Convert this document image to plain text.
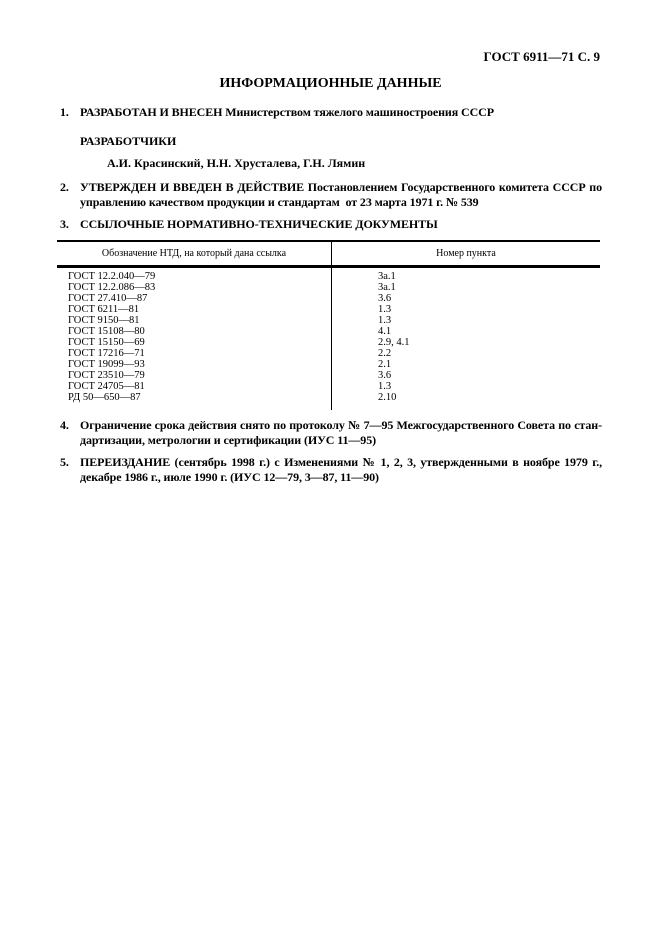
ГОСТ 6911—71 С. 9
ИНФОРМАЦИОННЫЕ ДАННЫЕ
1. РАЗРАБОТАН И ВНЕСЕН Министерством тяжелого машиностроения СССР
РАЗРАБОТЧИКИ
А.И. Красинский, Н.Н. Хрусталева, Г.Н. Лямин
2. УТВЕРЖДЕН И ВВЕДЕН В ДЕЙСТВИЕ Постановлением Государственного комитета СССР по
управлению качеством продукции и стандартам  от 23 марта 1971 г. № 539
3. ССЫЛОЧНЫЕ НОРМАТИВНО-ТЕХНИЧЕСКИЕ ДОКУМЕНТЫ
Обозначение НТД, на который дана ссылка	Номер пункта
ГОСТ 12.2.040—79
ГОСТ 12.2.086—83
ГОСТ 27.410—87
ГОСТ 6211—81
ГОСТ 9150—81
ГОСТ 15108—80
ГОСТ 15150—69
ГОСТ 17216—71
ГОСТ 19099—93
ГОСТ 23510—79
ГОСТ 24705—81
РД 50—650—87
3а.1
3а.1
3.6
1.3
1.3
4.1
2.9, 4.1
2.2
2.1
3.6
1.3
2.10
4. Ограничение срока действия снято по протоколу № 7—95 Межгосударственного Совета по стан-
дартизации, метрологии и сертификации (ИУС 11—95)
5. ПЕРЕИЗДАНИЕ (сентябрь 1998 г.) с Изменениями № 1, 2, 3, утвержденными в ноябре 1979 г.,
декабре 1986 г., июле 1990 г. (ИУС 12—79, 3—87, 11—90)
